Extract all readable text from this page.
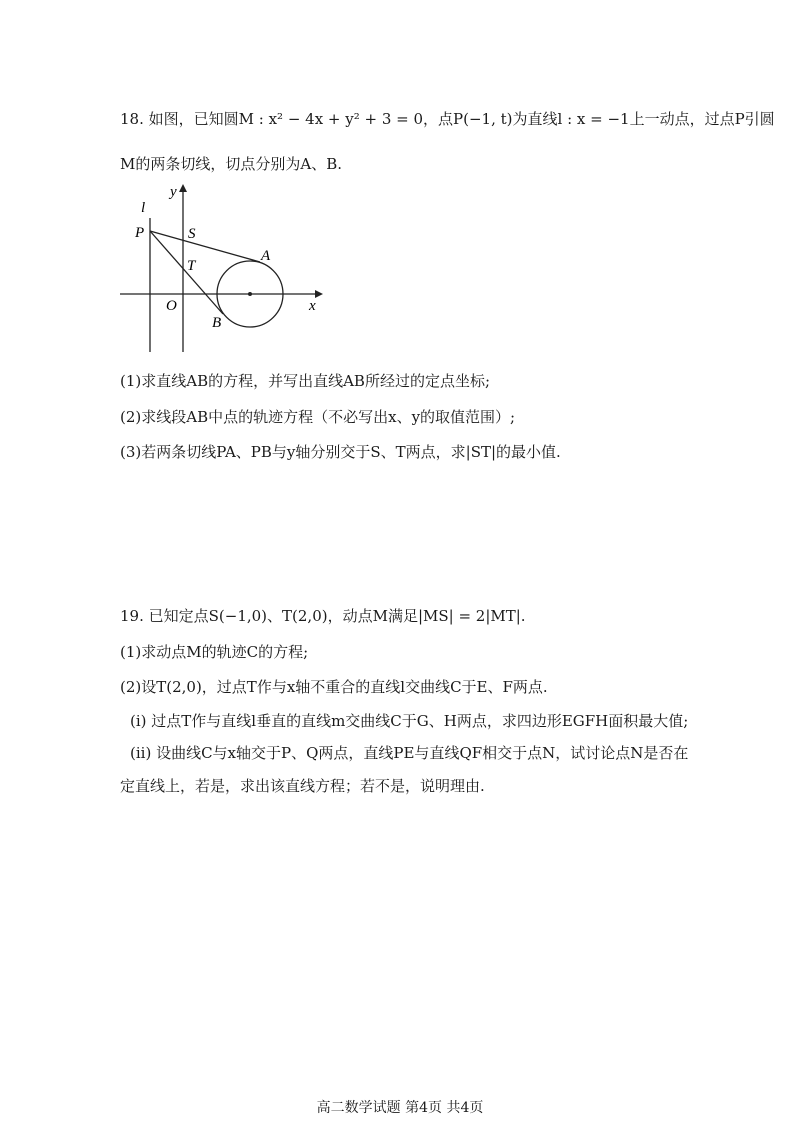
18. 如图，已知圆M : x² − 4x + y² + 3 = 0，点P(−1, t)为直线l : x = −1上一动点，过点P引圆
M的两条切线，切点分别为A、B.
l
y
x
P	S
T
A
B
O
(1)求直线AB的方程，并写出直线AB所经过的定点坐标;
(2)求线段AB中点的轨迹方程（不必写出x、y的取值范围）;
(3)若两条切线PA、PB与y轴分别交于S、T两点，求|ST|的最小值.
19. 已知定点S(−1,0)、T(2,0)，动点M满足|MS| = 2|MT|.
(1)求动点M的轨迹C的方程;
(2)设T(2,0)，过点T作与x轴不重合的直线l交曲线C于E、F两点.
(i) 过点T作与直线l垂直的直线m交曲线C于G、H两点，求四边形EGFH面积最大值;
(ii) 设曲线C与x轴交于P、Q两点，直线PE与直线QF相交于点N，试讨论点N是否在
定直线上，若是，求出该直线方程；若不是，说明理由.
高二数学试题 第4页 共4页
